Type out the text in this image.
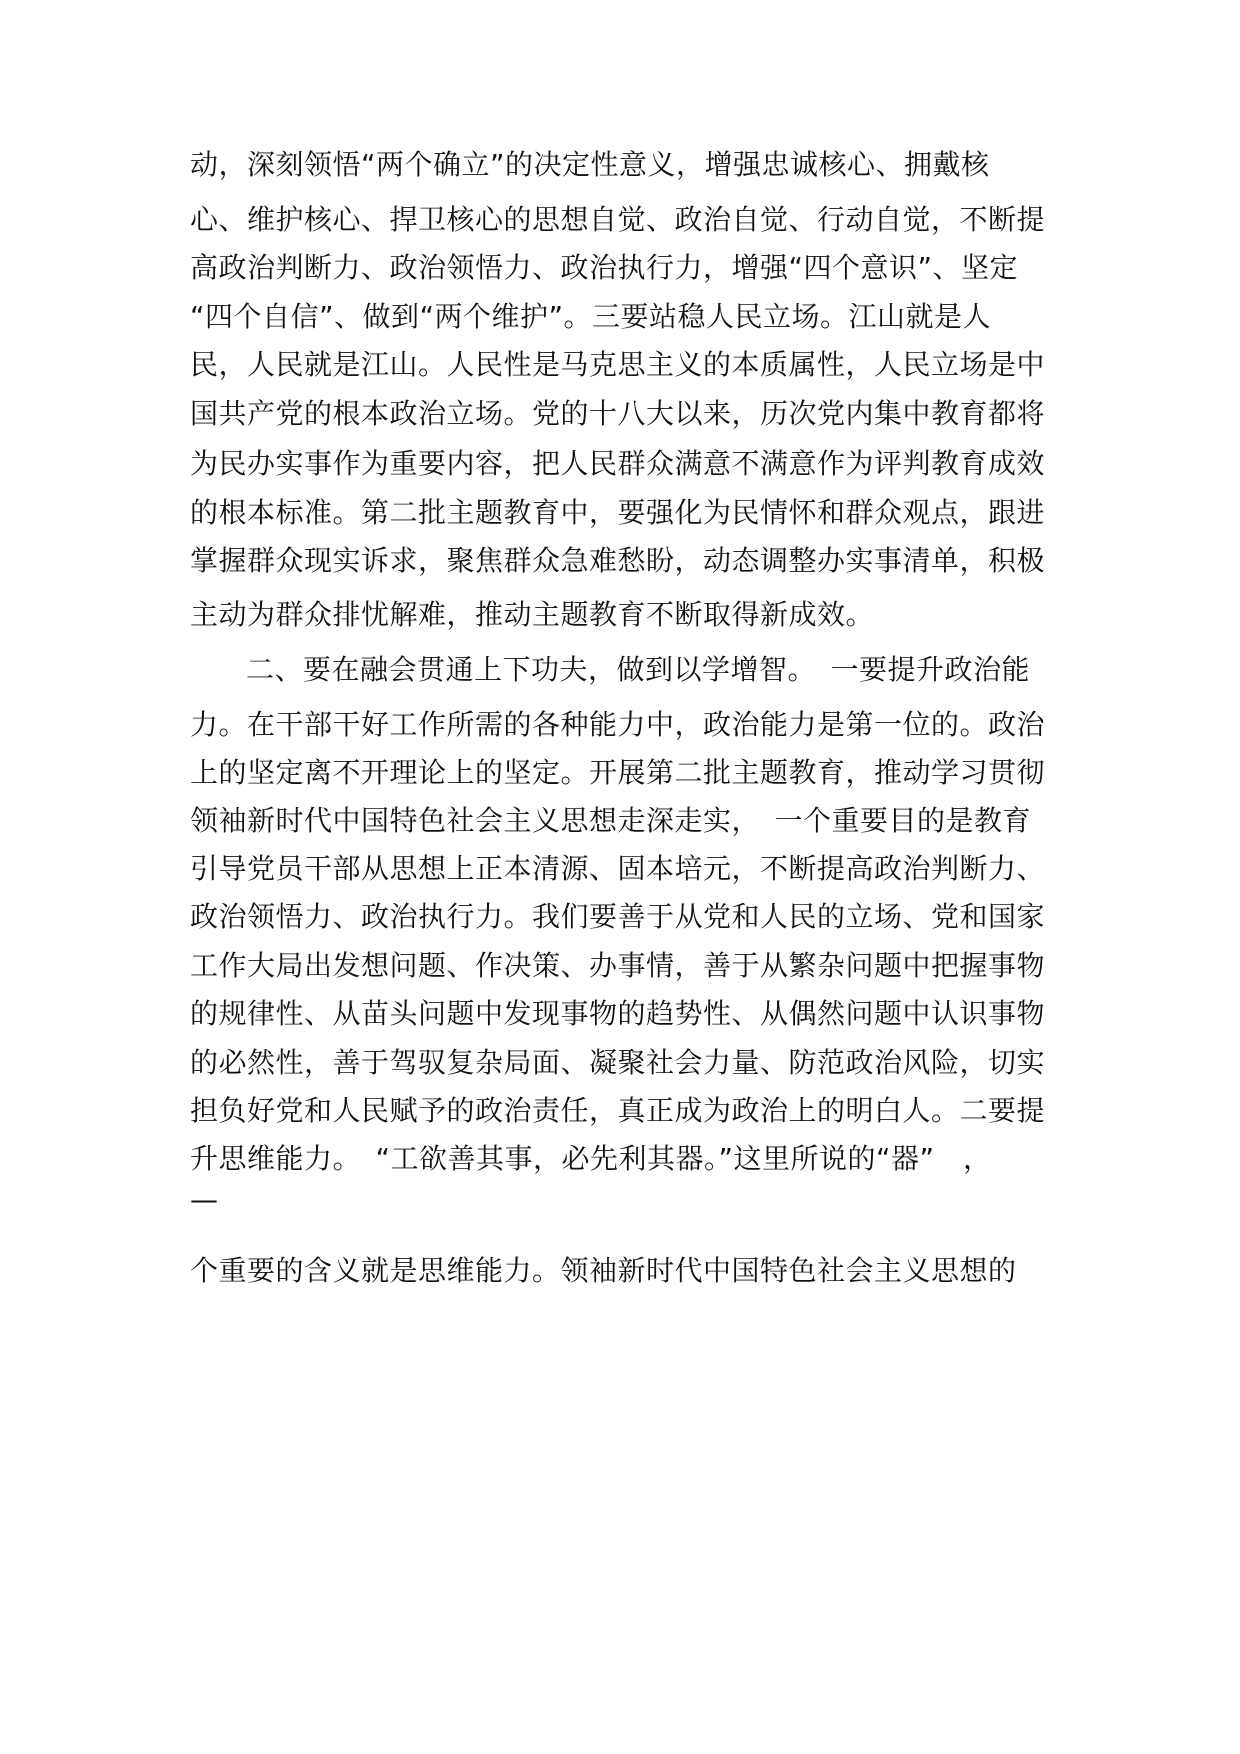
动，深刻领悟“两个确立”的决定性意义，增强忠诚核心、拥戴核
心、维护核心、捍卫核心的思想自觉、政治自觉、行动自觉，不断提
高政治判断力、政治领悟力、政治执行力，增强“四个意识”、坚定
“四个自信”、做到“两个维护”。三要站稳人民立场。江山就是人
民，人民就是江山。人民性是马克思主义的本质属性，人民立场是中
国共产党的根本政治立场。党的十八大以来，历次党内集中教育都将
为民办实事作为重要内容，把人民群众满意不满意作为评判教育成效
的根本标准。第二批主题教育中，要强化为民情怀和群众观点，跟进
掌握群众现实诉求，聚焦群众急难愁盼，动态调整办实事清单，积极
主动为群众排忧解难，推动主题教育不断取得新成效。
二、要在融会贯通上下功夫，做到以学增智。　一要提升政治能
力。在干部干好工作所需的各种能力中，政治能力是第一位的。政治
上的坚定离不开理论上的坚定。开展第二批主题教育，推动学习贯彻
领袖新时代中国特色社会主义思想走深走实，　一个重要目的是教育
引导党员干部从思想上正本清源、固本培元，不断提高政治判断力、
政治领悟力、政治执行力。我们要善于从党和人民的立场、党和国家
工作大局出发想问题、作决策、办事情，善于从繁杂问题中把握事物
的规律性、从苗头问题中发现事物的趋势性、从偶然问题中认识事物
的必然性，善于驾驭复杂局面、凝聚社会力量、防范政治风险，切实
担负好党和人民赋予的政治责任，真正成为政治上的明白人。二要提
升思维能力。　“工欲善其事，必先利其器。”这里所说的“器”　，
—
个重要的含义就是思维能力。领袖新时代中国特色社会主义思想的
